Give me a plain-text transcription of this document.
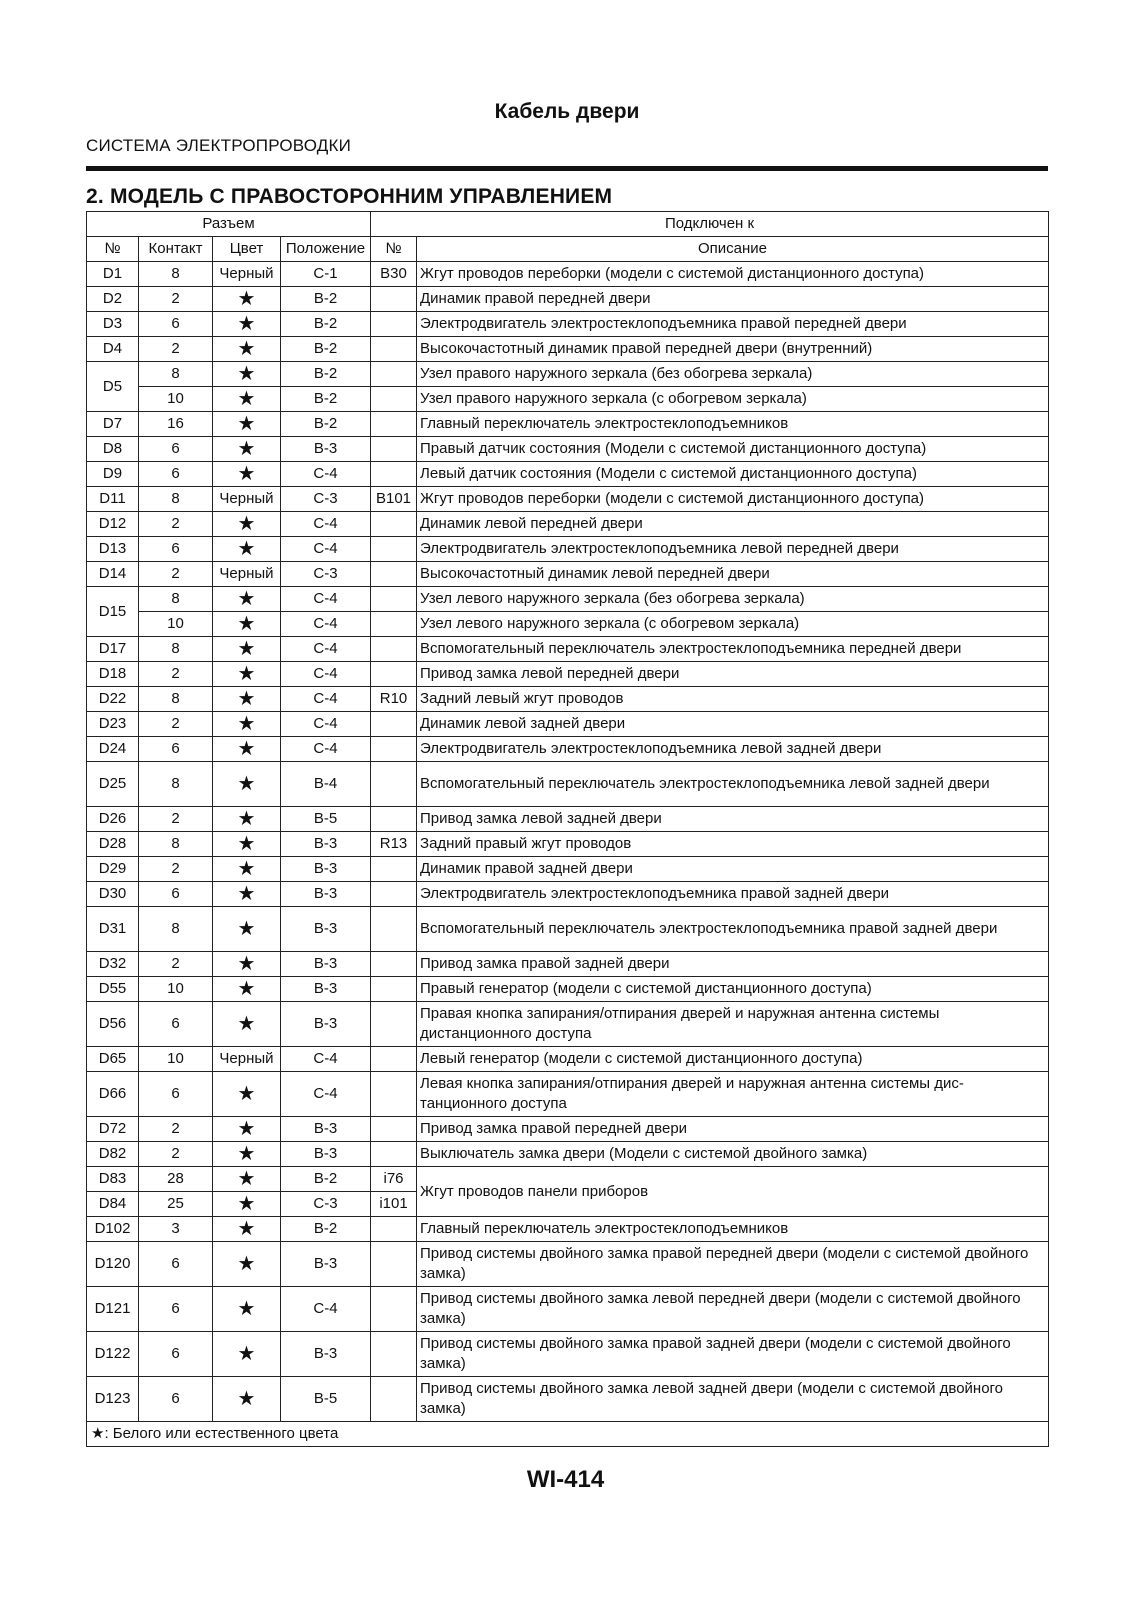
Кабель двери
СИСТЕМА ЭЛЕКТРОПРОВОДКИ
2. МОДЕЛЬ С ПРАВОСТОРОННИМ УПРАВЛЕНИЕМ
Разъем				Подключен к	
№	Контакт	Цвет	Положение	№	Описание
D1	8	Черный	C-1	B30	Жгут проводов переборки (модели с системой дистанционного доступа)
D2	2	★	B-2		Динамик правой передней двери
D3	6	★	B-2		Электродвигатель электростеклоподъемника правой передней двери
D4	2	★	B-2		Высокочастотный динамик правой передней двери (внутренний)
D5	8	★	B-2		Узел правого наружного зеркала (без обогрева зеркала)
	10	★	B-2		Узел правого наружного зеркала (с обогревом зеркала)
D7	16	★	B-2		Главный переключатель электростеклоподъемников
D8	6	★	B-3		Правый датчик состояния (Модели с системой дистанционного доступа)
D9	6	★	C-4		Левый датчик состояния (Модели с системой дистанционного доступа)
D11	8	Черный	C-3	B101	Жгут проводов переборки (модели с системой дистанционного доступа)
D12	2	★	C-4		Динамик левой передней двери
D13	6	★	C-4		Электродвигатель электростеклоподъемника левой передней двери
D14	2	Черный	C-3		Высокочастотный динамик левой передней двери
D15	8	★	C-4		Узел левого наружного зеркала (без обогрева зеркала)
	10	★	C-4		Узел левого наружного зеркала (с обогревом зеркала)
D17	8	★	C-4		Вспомогательный переключатель электростеклоподъемника передней двери
D18	2	★	C-4		Привод замка левой передней двери
D22	8	★	C-4	R10	Задний левый жгут проводов
D23	2	★	C-4		Динамик левой задней двери
D24	6	★	C-4		Электродвигатель электростеклоподъемника левой задней двери
D25	8	★	B-4		Вспомогательный переключатель электростеклоподъемника левой задней двери
D26	2	★	B-5		Привод замка левой задней двери
D28	8	★	B-3	R13	Задний правый жгут проводов
D29	2	★	B-3		Динамик правой задней двери
D30	6	★	B-3		Электродвигатель электростеклоподъемника правой задней двери
D31	8	★	B-3		Вспомогательный переключатель электростеклоподъемника правой задней двери
D32	2	★	B-3		Привод замка правой задней двери
D55	10	★	B-3		Правый генератор (модели с системой дистанционного доступа)
D56	6	★	B-3		Правая кнопка запирания/отпирания дверей и наружная антенна системы дистанционного доступа
D65	10	Черный	C-4		Левый генератор (модели с системой дистанционного доступа)
D66	6	★	C-4		Левая кнопка запирания/отпирания дверей и наружная антенна системы дис-танционного доступа
D72	2	★	B-3		Привод замка правой передней двери
D82	2	★	B-3		Выключатель замка двери (Модели с системой двойного замка)
D83	28	★	B-2	i76	Жгут проводов панели приборов
D84	25	★	C-3	i101	
D102	3	★	B-2		Главный переключатель электростеклоподъемников
D120	6	★	B-3		Привод системы двойного замка правой передней двери (модели с системой двойного замка)
D121	6	★	C-4		Привод системы двойного замка левой передней двери (модели с системой двойного замка)
D122	6	★	B-3		Привод системы двойного замка правой задней двери (модели с системой двойного замка)
D123	6	★	B-5		Привод системы двойного замка левой задней двери (модели с системой двойного замка)
★: Белого или естественного цвета					
WI-414
